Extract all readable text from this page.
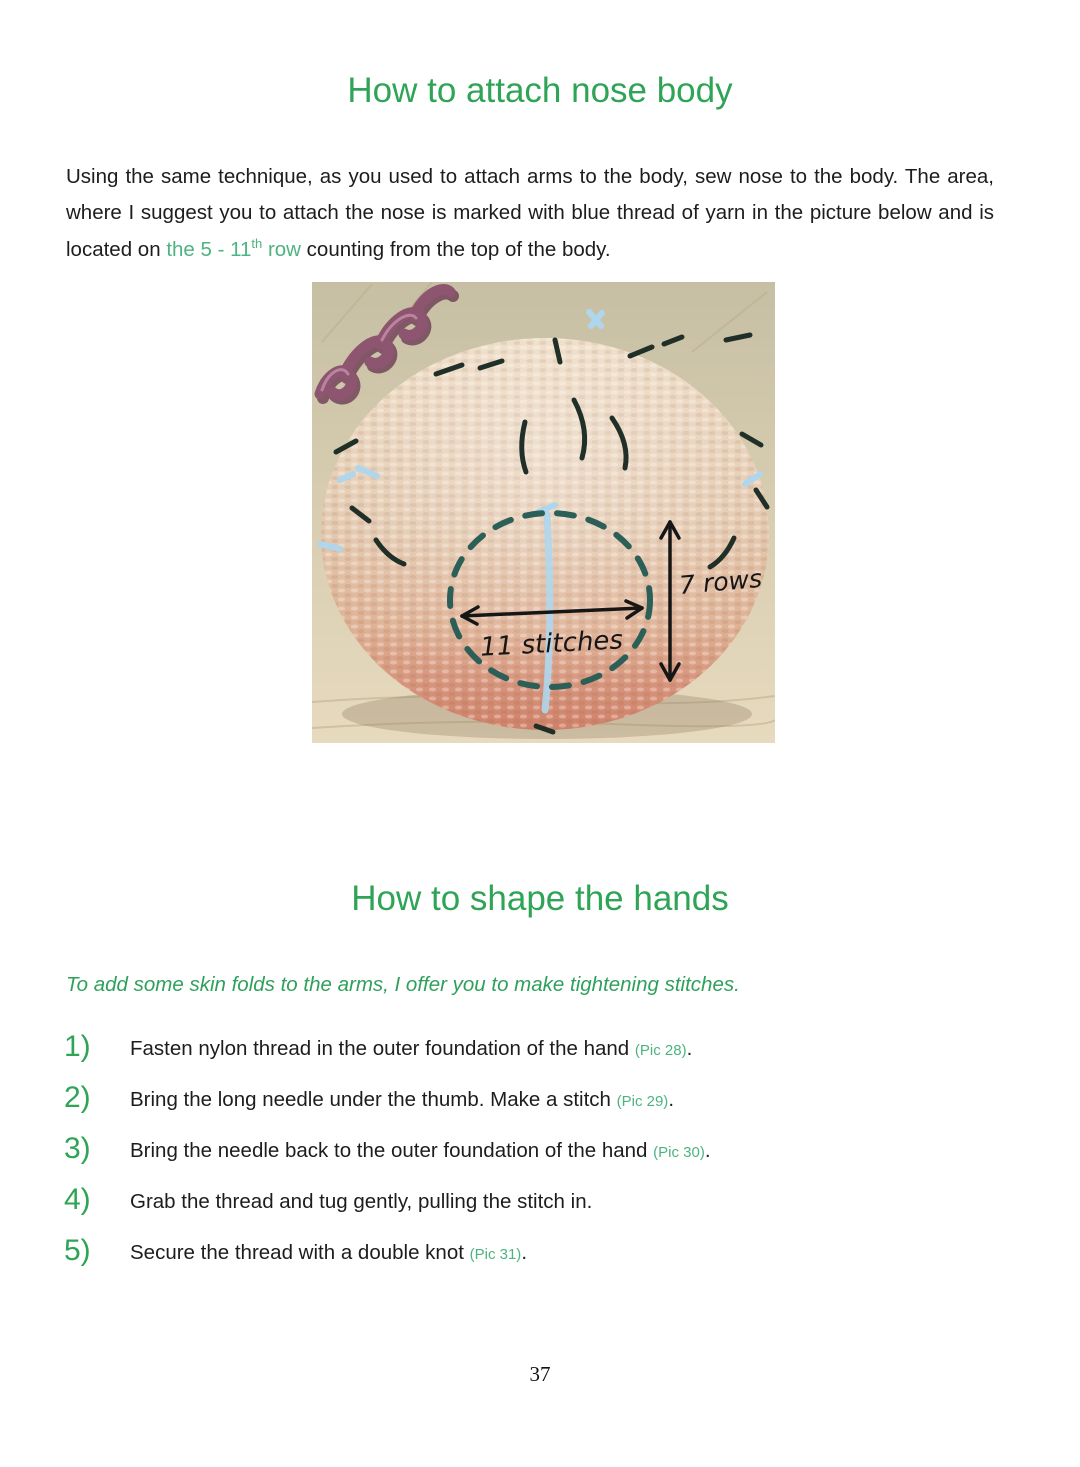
How to attach nose body

Using the same technique, as you used to attach arms to the body, sew nose to the body. The area, where I suggest you to attach the nose is marked with blue thread of yarn in the picture below and is located on the 5 - 11th row counting from the top of the body.

11 stitches
7 rows
How to shape the hands

To add some skin folds to the arms, I offer you to make tightening stitches.

1)	Fasten nylon thread in the outer foundation of the hand (Pic 28).
2)	Bring the long needle under the thumb. Make a stitch (Pic 29).
3)	Bring the needle back to the outer foundation of the hand (Pic 30).
4)	Grab the thread and tug gently, pulling the stitch in.
5)	Secure the thread with a double knot (Pic 31).
37
